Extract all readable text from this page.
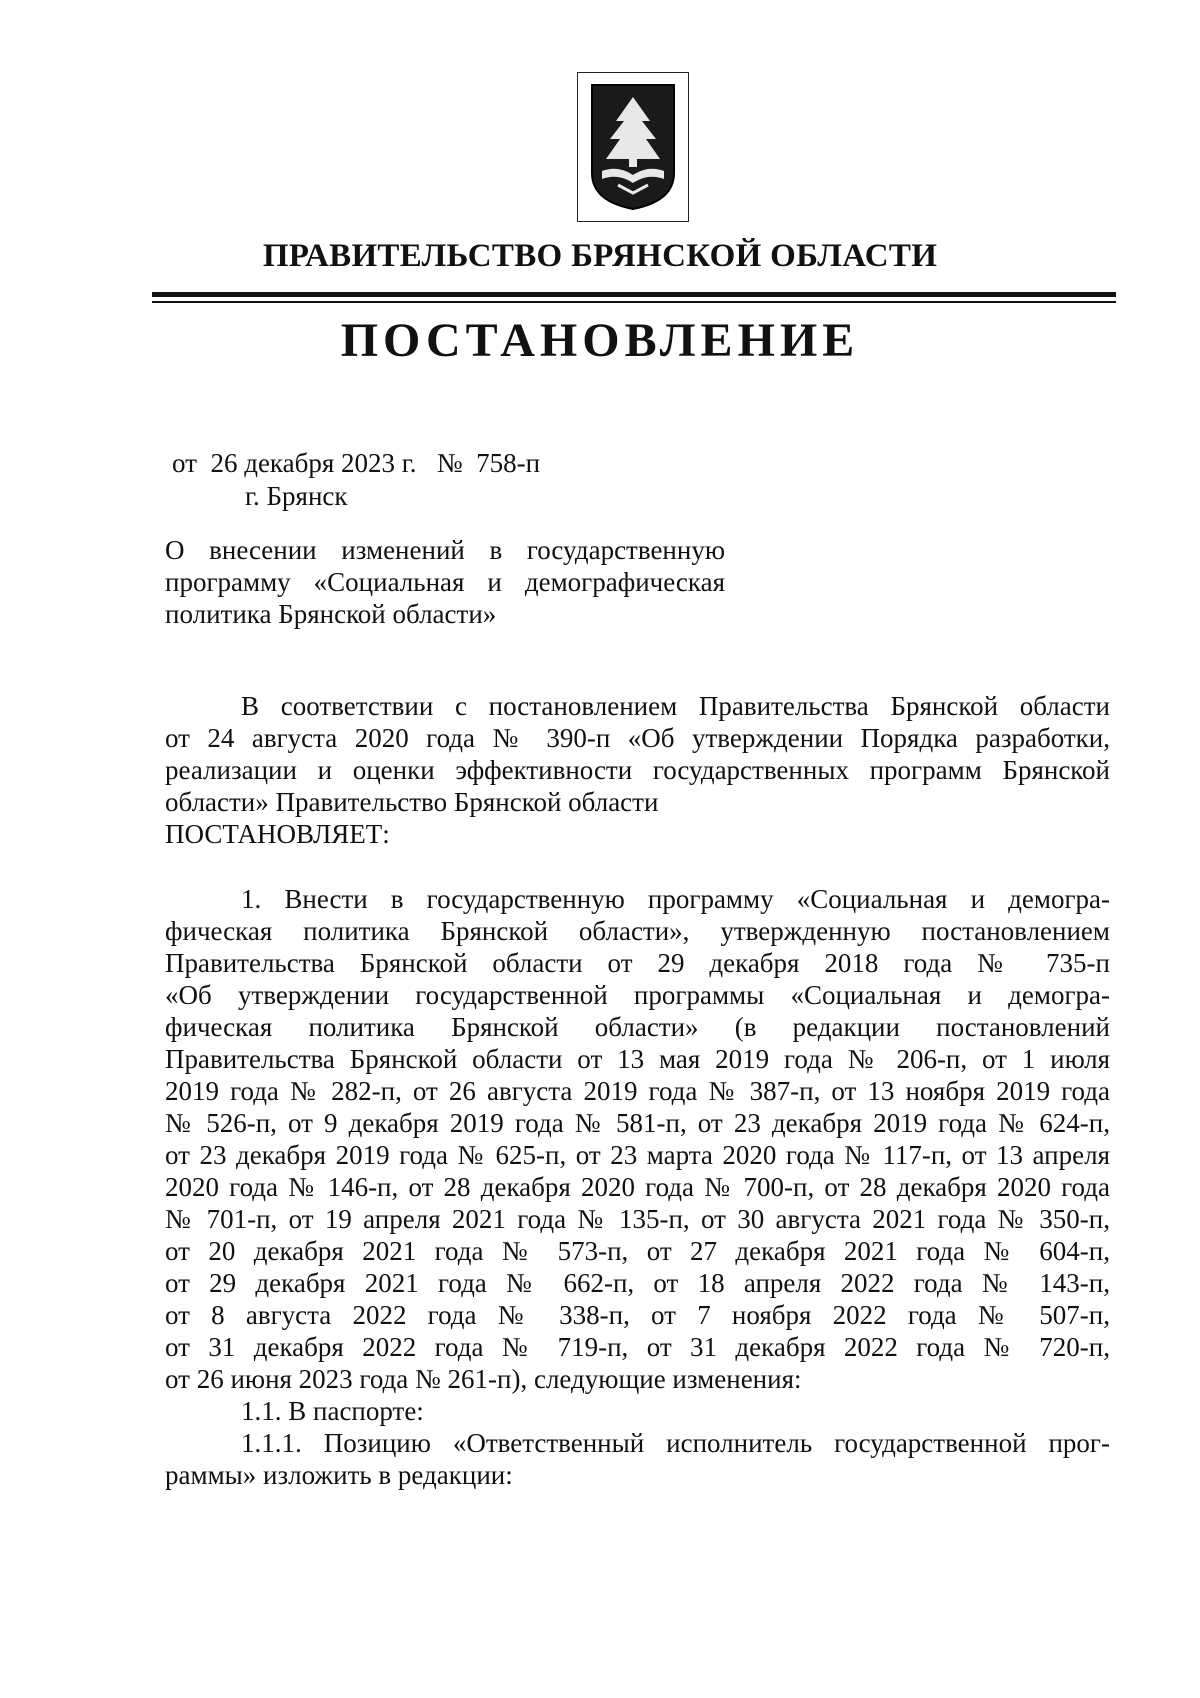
ПРАВИТЕЛЬСТВО БРЯНСКОЙ ОБЛАСТИ
ПОСТАНОВЛЕНИЕ
от 26 декабря 2023 г. № 758-п
г. Брянск
О внесении изменений в государственную
программу «Социальная и демографическая
политика Брянской области»
В соответствии с постановлением Правительства Брянской области
от 24 августа 2020 года № 390-п «Об утверждении Порядка разработки,
реализации и оценки эффективности государственных программ Брянской
области» Правительство Брянской области
ПОСТАНОВЛЯЕТ:
1. Внести в государственную программу «Социальная и демогра-
фическая политика Брянской области», утвержденную постановлением
Правительства Брянской области от 29 декабря 2018 года № 735-п
«Об утверждении государственной программы «Социальная и демогра-
фическая политика Брянской области» (в редакции постановлений
Правительства Брянской области от 13 мая 2019 года № 206-п, от 1 июля
2019 года № 282-п, от 26 августа 2019 года № 387-п, от 13 ноября 2019 года
№ 526-п, от 9 декабря 2019 года № 581-п, от 23 декабря 2019 года № 624-п,
от 23 декабря 2019 года № 625-п, от 23 марта 2020 года № 117-п, от 13 апреля
2020 года № 146-п, от 28 декабря 2020 года № 700-п, от 28 декабря 2020 года
№ 701-п, от 19 апреля 2021 года № 135-п, от 30 августа 2021 года № 350-п,
от 20 декабря 2021 года № 573-п, от 27 декабря 2021 года № 604-п,
от 29 декабря 2021 года № 662-п, от 18 апреля 2022 года № 143-п,
от 8 августа 2022 года № 338-п, от 7 ноября 2022 года № 507-п,
от 31 декабря 2022 года № 719-п, от 31 декабря 2022 года № 720-п,
от 26 июня 2023 года № 261-п), следующие изменения:
1.1. В паспорте:
1.1.1. Позицию «Ответственный исполнитель государственной прог-
раммы» изложить в редакции:
